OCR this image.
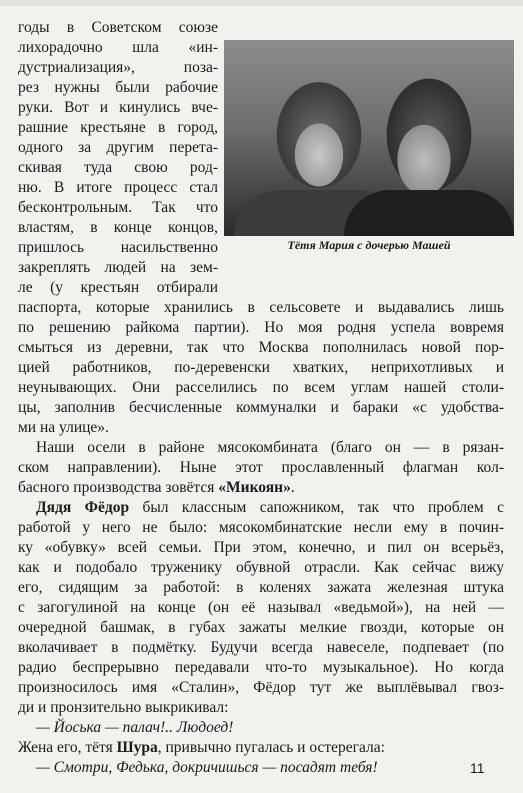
Тётя Мария с дочерью Машей
годы в Советском союзе
лихорадочно шла «ин-
дустриализация», поза-
рез нужны были рабочие
руки. Вот и кинулись вче-
рашние крестьяне в город,
одного за другим перета-
скивая туда свою род-
ню. В итоге процесс стал
бесконтрольным. Так что
властям, в конце концов,
пришлось насильственно
закреплять людей на зем-
ле (у крестьян отбирали
паспорта, которые хранились в сельсовете и выдавались лишь
по решению райкома партии). Но моя родня успела вовремя
смыться из деревни, так что Москва пополнилась новой пор-
цией работников, по-деревенски хватких, неприхотливых и
неунывающих. Они расселились по всем углам нашей столи-
цы, заполнив бесчисленные коммуналки и бараки «с удобства-
ми на улице».
Наши осели в районе мясокомбината (благо он — в рязан-
ском направлении). Ныне этот прославленный флагман кол-
басного производства зовётся «Микоян».
Дядя Фёдор был классным сапожником, так что проблем с
работой у него не было: мясокомбинатские несли ему в почин-
ку «обувку» всей семьи. При этом, конечно, и пил он всерьёз,
как и подобало труженику обувной отрасли. Как сейчас вижу
его, сидящим за работой: в коленях зажата железная штука
с загогулиной на конце (он её называл «ведьмой»), на ней —
очередной башмак, в губах зажаты мелкие гвозди, которые он
вколачивает в подмётку. Будучи всегда навеселе, подпевает (по
радио беспрерывно передавали что-то музыкальное). Но когда
произносилось имя «Сталин», Фёдор тут же выплёвывал гвоз-
ди и пронзительно выкрикивал:
— Йоська — палач!.. Людоед!
Жена его, тётя Шура, привычно пугалась и остерегала:
— Смотри, Федька, докричишься — посадят тебя!	11
